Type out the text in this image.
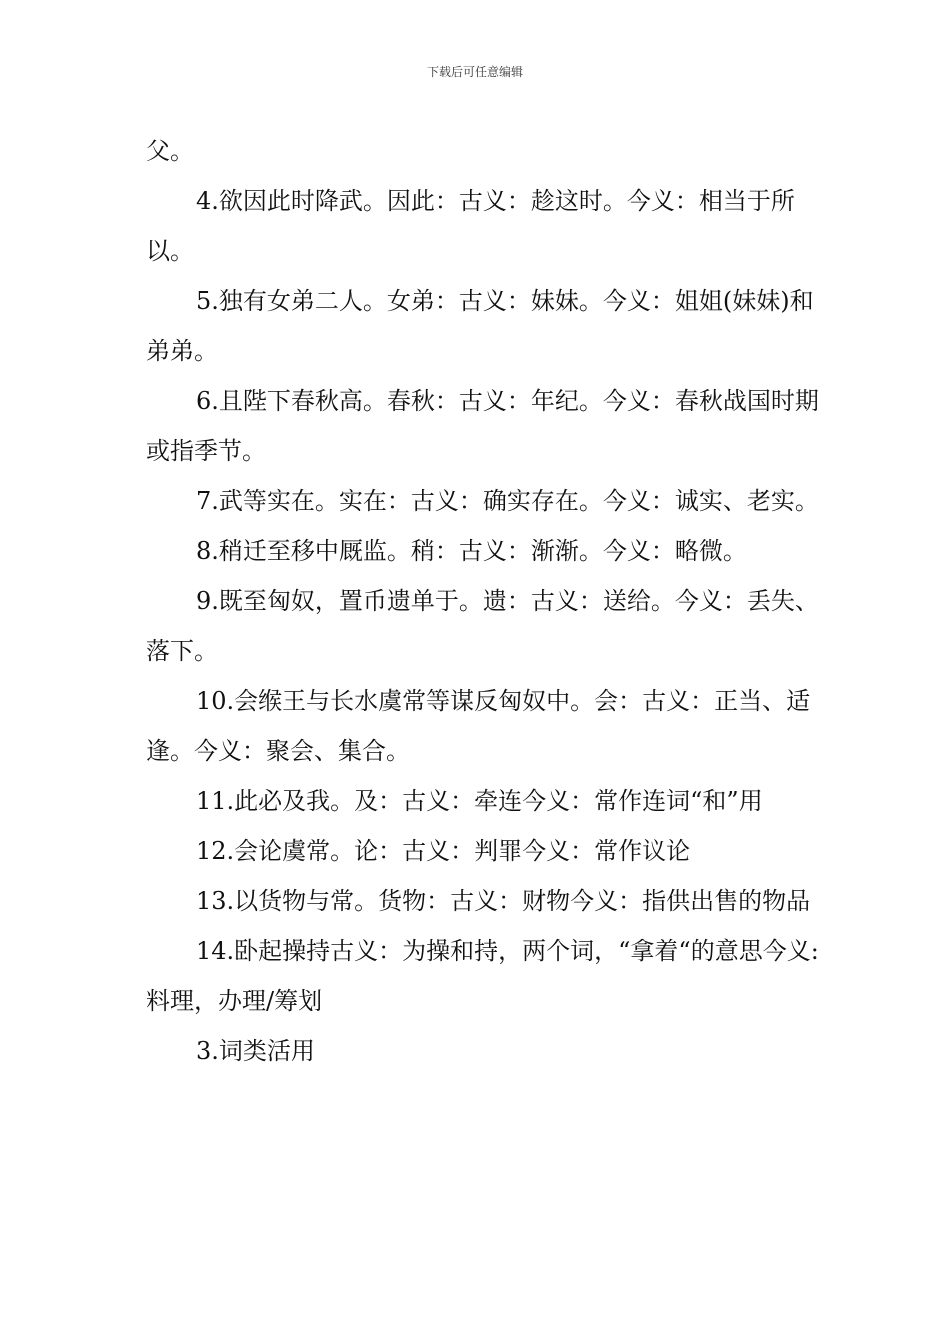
下载后可任意编辑

父。

4.欲因此时降武。因此：古义：趁这时。今义：相当于所以。

5.独有女弟二人。女弟：古义：妹妹。今义：姐姐(妹妹)和弟弟。

6.且陛下春秋高。春秋：古义：年纪。今义：春秋战国时期或指季节。

7.武等实在。实在：古义：确实存在。今义：诚实、老实。

8.稍迁至移中厩监。稍：古义：渐渐。今义：略微。

9.既至匈奴，置币遗单于。遗：古义：送给。今义：丢失、落下。

10.会缑王与长水虞常等谋反匈奴中。会：古义：正当、适逢。今义：聚会、集合。

11.此必及我。及：古义：牵连今义：常作连词“和”用

12.会论虞常。论：古义：判罪今义：常作议论

13.以货物与常。货物：古义：财物今义：指供出售的物品

14.卧起操持古义：为操和持，两个词，“拿着“的意思今义:料理，办理/筹划

3.词类活用
